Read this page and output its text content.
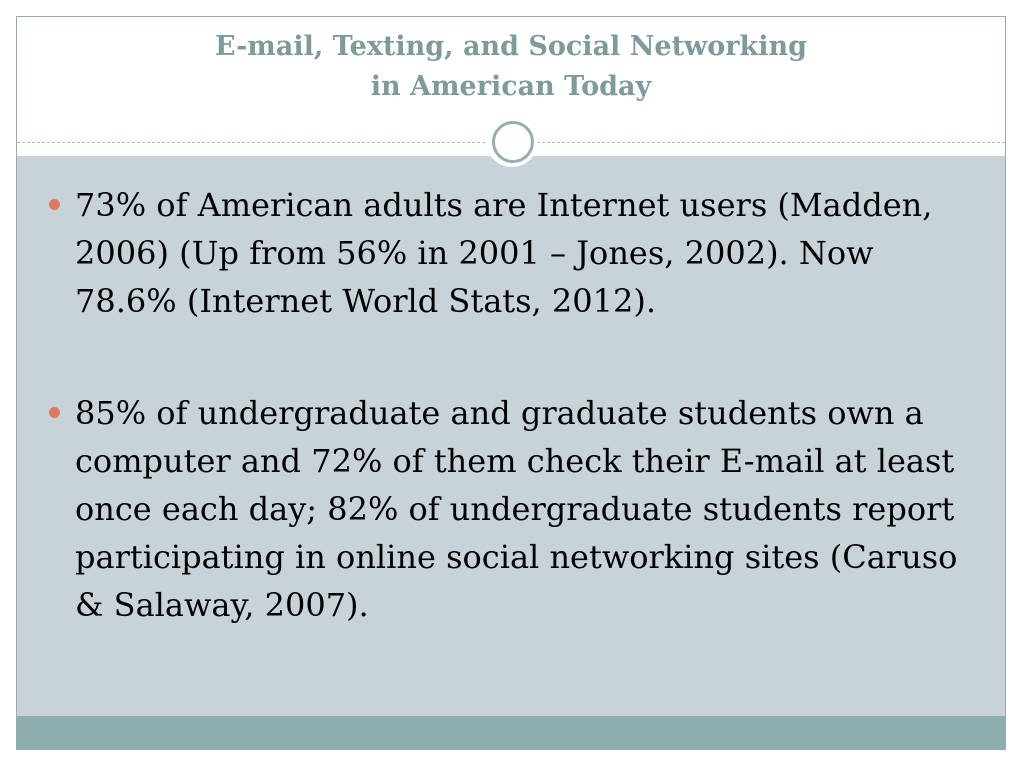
E-mail, Texting, and Social Networking
in American Today
73% of American adults are Internet users (Madden, 2006) (Up from 56% in 2001 – Jones, 2002). Now 78.6% (Internet World Stats, 2012).
85% of undergraduate and graduate students own a computer and 72% of them check their E-mail at least once each day; 82% of undergraduate students report participating in online social networking sites (Caruso & Salaway, 2007).
